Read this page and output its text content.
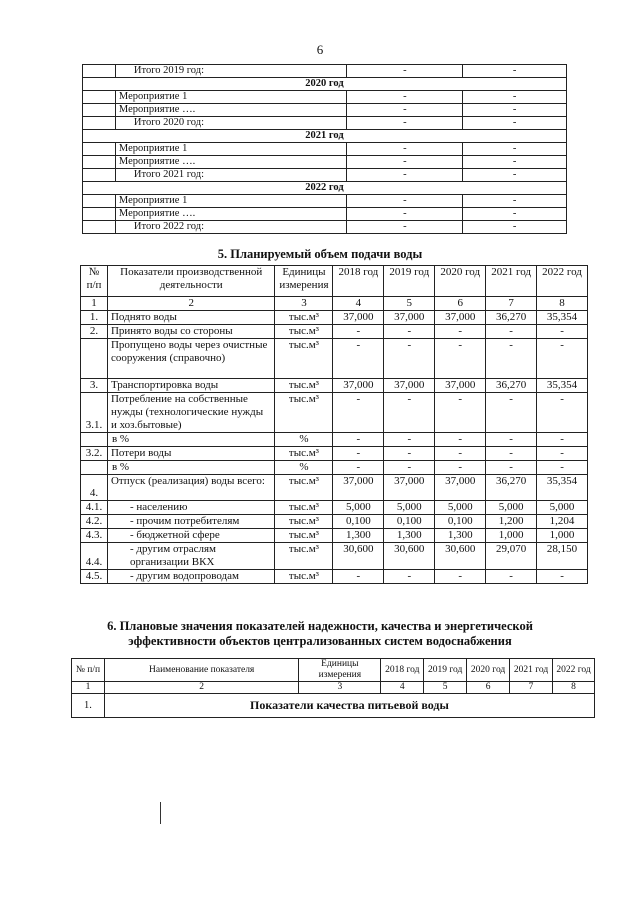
6
	Итого 2019 год:	-	-
2020 год			
	Мероприятие 1	-	-
	Мероприятие ….	-	-
	Итого 2020 год:	-	-
2021 год			
	Мероприятие 1	-	-
	Мероприятие ….	-	-
	Итого 2021 год:	-	-
2022 год			
	Мероприятие 1	-	-
	Мероприятие ….	-	-
	Итого 2022 год:	-	-
5. Планируемый объем подачи воды
№ п/п	Показатели производственной деятельности	Единицы измерения	2018 год	2019 год	2020 год	2021 год	2022 год
1	2	3	4	5	6	7	8
1.	Поднято воды	тыс.м³	37,000	37,000	37,000	36,270	35,354
2.	Принято воды со стороны	тыс.м³	-	-	-	-	-
	Пропущено воды через очистные сооружения (справочно)	тыс.м³	-	-	-	-	-
3.	Транспортировка воды	тыс.м³	37,000	37,000	37,000	36,270	35,354
3.1.	Потребление на собственные нужды (технологические нужды и хоз.бытовые)	тыс.м³	-	-	-	-	-
	в %	%	-	-	-	-	-
3.2.	Потери воды	тыс.м³	-	-	-	-	-
	в %	%	-	-	-	-	-
4.	Отпуск (реализация) воды всего:	тыс.м³	37,000	37,000	37,000	36,270	35,354
4.1.	- населению	тыс.м³	5,000	5,000	5,000	5,000	5,000
4.2.	- прочим потребителям	тыс.м³	0,100	0,100	0,100	1,200	1,204
4.3.	- бюджетной сфере	тыс.м³	1,300	1,300	1,300	1,000	1,000
4.4.	- другим отраслям организации ВКХ	тыс.м³	30,600	30,600	30,600	29,070	28,150
4.5.	- другим водопроводам	тыс.м³	-	-	-	-	-
6. Плановые значения показателей надежности, качества и энергетической
эффективности объектов централизованных систем водоснабжения
№ п/п	Наименование показателя	Единицы измерения	2018 год	2019 год	2020 год	2021 год	2022 год
1	2	3	4	5	6	7	8
1.	Показатели качества питьевой воды						
